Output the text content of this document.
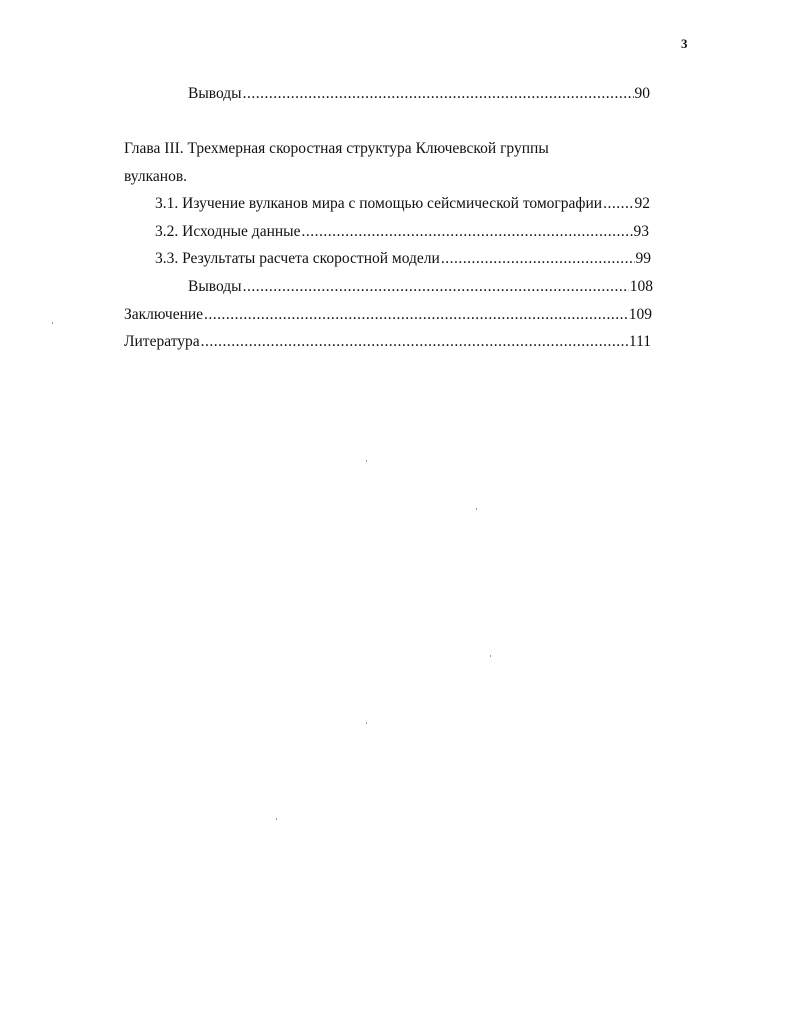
3
Выводы .....	90
Глава III. Трехмерная скоростная структура Ключевской группы
вулканов.
3.1. Изучение вулканов мира с помощью сейсмической томографии ..... 92
3.2. Исходные данные .....	93
3.3. Результаты расчета скоростной модели .....	99
Выводы .....	108
Заключение .....	109
Литература .....	111
